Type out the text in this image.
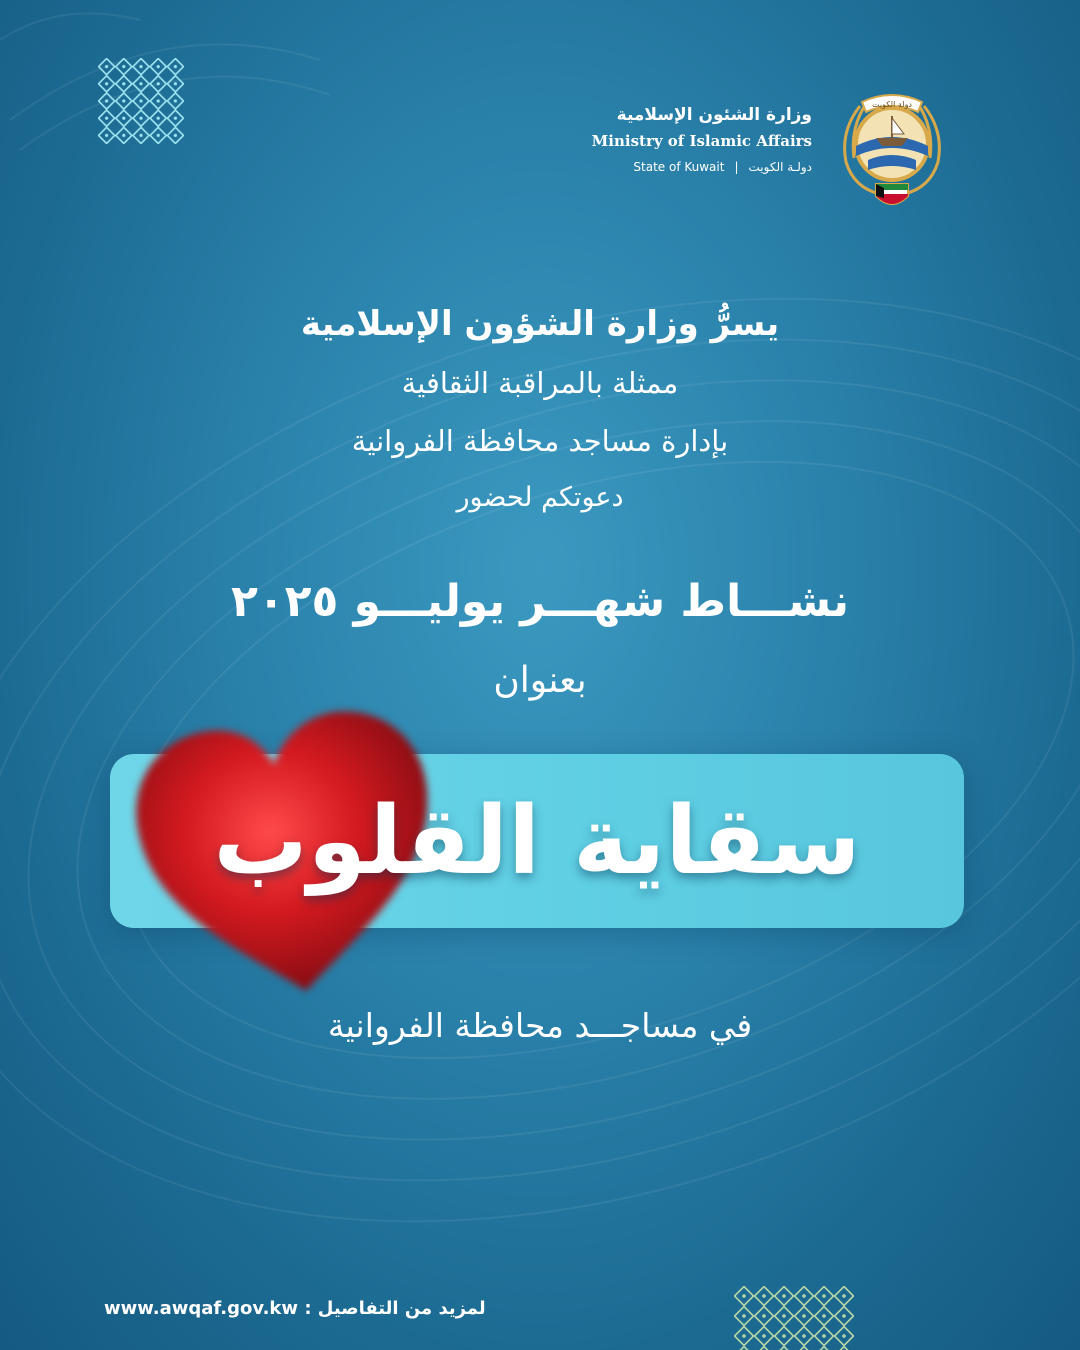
دولة الكويت
وزارة الشئون الإسلامية
Ministry of Islamic Affairs
State of Kuwait | دولـة الكويت
يسرُّ وزارة الشؤون الإسلامية
ممثلة بالمراقبة الثقافية
بإدارة مساجد محافظة الفروانية
دعوتكم لحضور
نشـــاط شهـــر يوليـــو ٢٠٢٥
بعنوان
سقاية القلوب
في مساجـــد محافظة الفروانية
لمزيد من التفاصيل : www.awqaf.gov.kw
